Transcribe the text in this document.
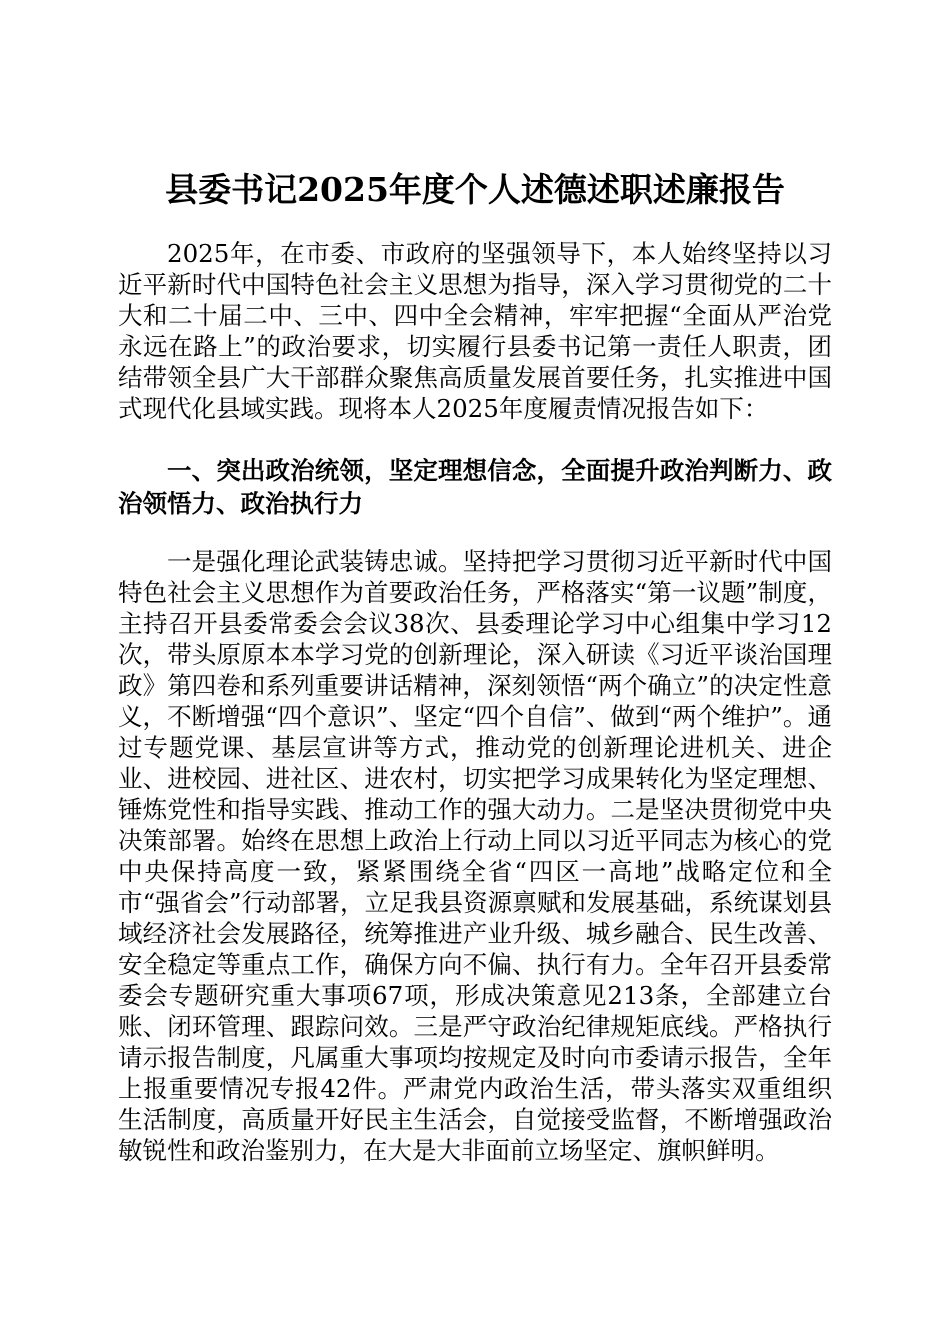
县委书记2025年度个人述德述职述廉报告

2025年，在市委、市政府的坚强领导下，本人始终坚持以习近平新时代中国特色社会主义思想为指导，深入学习贯彻党的二十大和二十届二中、三中、四中全会精神，牢牢把握“全面从严治党永远在路上”的政治要求，切实履行县委书记第一责任人职责，团结带领全县广大干部群众聚焦高质量发展首要任务，扎实推进中国式现代化县域实践。现将本人2025年度履责情况报告如下：

一、突出政治统领，坚定理想信念，全面提升政治判断力、政治领悟力、政治执行力

一是强化理论武装铸忠诚。坚持把学习贯彻习近平新时代中国特色社会主义思想作为首要政治任务，严格落实“第一议题”制度，主持召开县委常委会会议38次、县委理论学习中心组集中学习12次，带头原原本本学习党的创新理论，深入研读《习近平谈治国理政》第四卷和系列重要讲话精神，深刻领悟“两个确立”的决定性意义，不断增强“四个意识”、坚定“四个自信”、做到“两个维护”。通过专题党课、基层宣讲等方式，推动党的创新理论进机关、进企业、进校园、进社区、进农村，切实把学习成果转化为坚定理想、锤炼党性和指导实践、推动工作的强大动力。二是坚决贯彻党中央决策部署。始终在思想上政治上行动上同以习近平同志为核心的党中央保持高度一致，紧紧围绕全省“四区一高地”战略定位和全市“强省会”行动部署，立足我县资源禀赋和发展基础，系统谋划县域经济社会发展路径，统筹推进产业升级、城乡融合、民生改善、安全稳定等重点工作，确保方向不偏、执行有力。全年召开县委常委会专题研究重大事项67项，形成决策意见213条，全部建立台账、闭环管理、跟踪问效。三是严守政治纪律规矩底线。严格执行请示报告制度，凡属重大事项均按规定及时向市委请示报告，全年上报重要情况专报42件。严肃党内政治生活，带头落实双重组织生活制度，高质量开好民主生活会，自觉接受监督，不断增强政治敏锐性和政治鉴别力，在大是大非面前立场坚定、旗帜鲜明。
